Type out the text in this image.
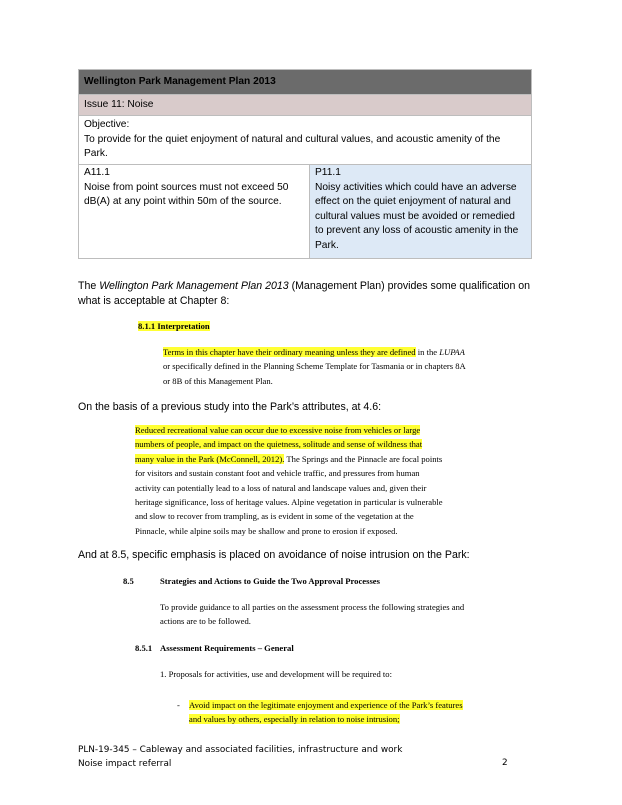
Wellington Park Management Plan 2013
Issue 11: Noise
Objective:
To provide for the quiet enjoyment of natural and cultural values, and acoustic amenity of the Park.
A11.1
Noise from point sources must not exceed 50 dB(A) at any point within 50m of the source.
P11.1
Noisy activities which could have an adverse effect on the quiet enjoyment of natural and cultural values must be avoided or remedied to prevent any loss of acoustic amenity in the Park.
The Wellington Park Management Plan 2013 (Management Plan) provides some qualification on what is acceptable at Chapter 8:
8.1.1 Interpretation
Terms in this chapter have their ordinary meaning unless they are defined in the LUPAA
or specifically defined in the Planning Scheme Template for Tasmania or in chapters 8A
or 8B of this Management Plan.
On the basis of a previous study into the Park’s attributes, at 4.6:
Reduced recreational value can occur due to excessive noise from vehicles or large
numbers of people, and impact on the quietness, solitude and sense of wildness that
many value in the Park (McConnell, 2012). The Springs and the Pinnacle are focal points
for visitors and sustain constant foot and vehicle traffic, and pressures from human
activity can potentially lead to a loss of natural and landscape values and, given their
heritage significance, loss of heritage values. Alpine vegetation in particular is vulnerable
and slow to recover from trampling, as is evident in some of the vegetation at the
Pinnacle, while alpine soils may be shallow and prone to erosion if exposed.
And at 8.5, specific emphasis is placed on avoidance of noise intrusion on the Park:
8.5	Strategies and Actions to Guide the Two Approval Processes
To provide guidance to all parties on the assessment process the following strategies and
actions are to be followed.
8.5.1 Assessment Requirements – General
1. Proposals for activities, use and development will be required to:
- Avoid impact on the legitimate enjoyment and experience of the Park’s features
and values by others, especially in relation to noise intrusion;
PLN-19-345 – Cableway and associated facilities, infrastructure and work
Noise impact referral	2
